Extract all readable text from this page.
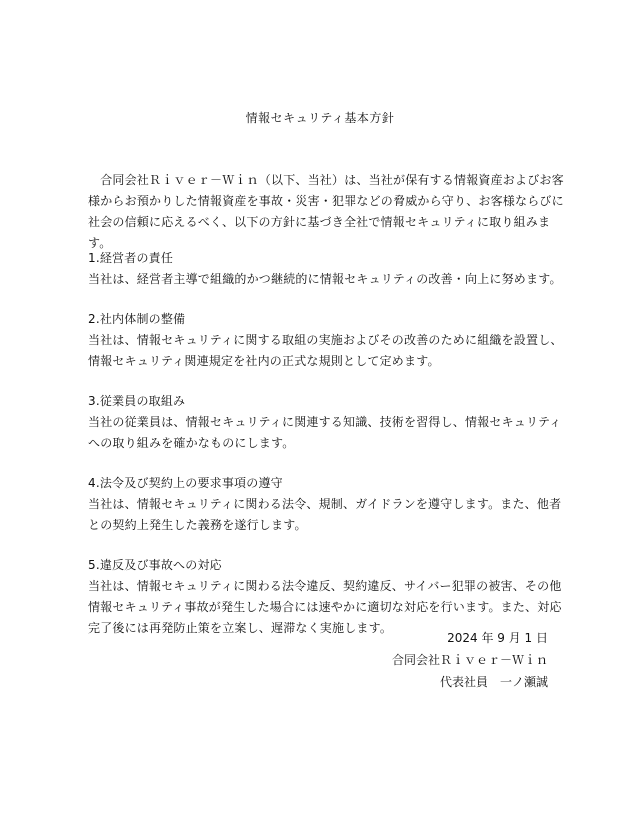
情報セキュリティ基本方針
　合同会社Ｒｉｖｅｒ－Ｗｉｎ（以下、当社）は、当社が保有する情報資産およびお客
様からお預かりした情報資産を事故・災害・犯罪などの脅威から守り、お客様ならびに
社会の信頼に応えるべく、以下の方針に基づき全社で情報セキュリティに取り組みます。
1.経営者の責任
当社は、経営者主導で組織的かつ継続的に情報セキュリティの改善・向上に努めます。
2.社内体制の整備
当社は、情報セキュリティに関する取組の実施およびその改善のために組織を設置し、
情報セキュリティ関連規定を社内の正式な規則として定めます。
3.従業員の取組み
当社の従業員は、情報セキュリティに関連する知識、技術を習得し、情報セキュリティ
への取り組みを確かなものにします。
4.法令及び契約上の要求事項の遵守
当社は、情報セキュリティに関わる法令、規制、ガイドランを遵守します。また、他者
との契約上発生した義務を遂行します。
5.違反及び事故への対応
当社は、情報セキュリティに関わる法令違反、契約違反、サイバー犯罪の被害、その他
情報セキュリティ事故が発生した場合には速やかに適切な対応を行います。また、対応
完了後には再発防止策を立案し、遅滞なく実施します。
2024 年 9 月 1 日
合同会社Ｒｉｖｅｒ－Ｗｉｎ
代表社員　一ノ瀬誠
